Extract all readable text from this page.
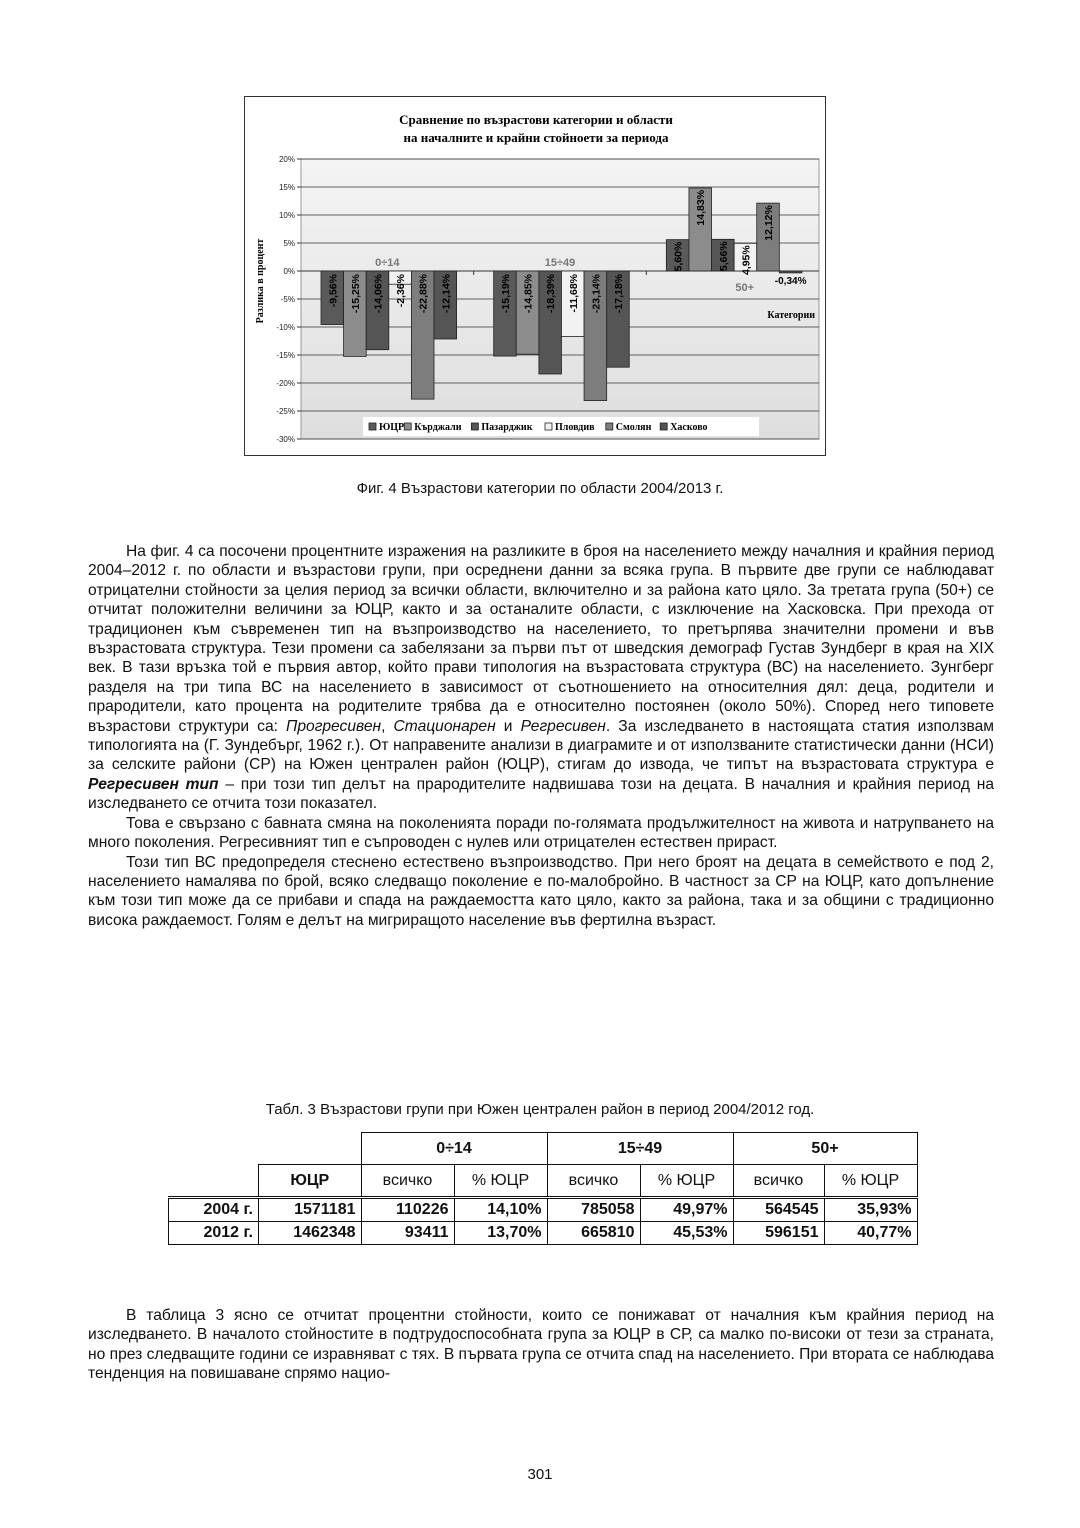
Сравнение по възрастови категории и области
на началните и крайни стойноети за периода
20%
15%
10%
5%
0%
-5%
-10%
-15%
-20%
-25%
-30%
Разлика в процент	0÷14	15÷49
50+
Категории
-9,56%	-15,19%
5,60%
-15,25%	-14,85%
14,83%
-14,06%	-18,39%
5,66%
-2,36%	-11,68%
4,95%
-22,88%	-23,14%
12,12%
-12,14%	-17,18%	-0,34%
ЮЦР Кърджали Пазарджик Пловдив Смолян Хасково
Фиг. 4 Възрастови категории по области 2004/2013 г.

На фиг. 4 са посочени процентните изражения на разликите в броя на населението между началния и крайния период 2004–2012 г. по области и възрастови групи, при осреднени данни за всяка група. В първите две групи се наблюдават отрицателни стойности за целия период за всички области, включително и за района като цяло. За третата група (50+) се отчитат положителни величини за ЮЦР, както и за останалите области, с изключение на Хасковска. При прехода от традиционен към съвременен тип на възпроизводство на населението, то претърпява значителни промени и във възрастовата структура. Тези промени са забелязани за първи път от шведския демограф Густав Зундберг в края на XIX век. В тази връзка той е първия автор, който прави типология на възрастовата структура (ВС) на населението. Зунгберг разделя на три типа ВС на населението в зависимост от съотношението на относителния дял: деца, родители и прародители, като процента на родителите трябва да е относително постоянен (около 50%). Според него типовете възрастови структури са: Прогресивен, Стационарен и Регресивен. За изследването в настоящата статия използвам типологията на (Г. Зундебърг, 1962 г.). От направените анализи в диаграмите и от използваните статистически данни (НСИ) за селските райони (СР) на Южен централен район (ЮЦР), стигам до извода, че типът на възрастовата структура е Регресивен тип – при този тип делът на прародителите надвишава този на децата. В началния и крайния период на изследването се отчита този показател.

Това е свързано с бавната смяна на поколенията поради по-голямата продължителност на живота и натрупването на много поколения. Регресивният тип е съпроводен с нулев или отрицателен естествен прираст.

Този тип ВС предопределя стеснено естествено възпроизводство. При него броят на децата в семейството е под 2, населението намалява по брой, всяко следващо поколение е по-малобройно. В частност за СР на ЮЦР, като допълнение към този тип може да се прибави и спада на раждаемостта като цяло, както за района, така и за общини с традиционно висока раждаемост. Голям е делът на мигриращото население във фертилна възраст.

Табл. 3 Възрастови групи при Южен централен район в период 2004/2012 год.
		0÷14		15÷49		50+	
	ЮЦР	всичко	% ЮЦР	всичко	% ЮЦР	всичко	% ЮЦР
2004 г.	1571181	110226	14,10%	785058	49,97%	564545	35,93%
2012 г.	1462348	93411	13,70%	665810	45,53%	596151	40,77%

В таблица 3 ясно се отчитат процентни стойности, които се понижават от началния към крайния период на изследването. В началото стойностите в подтрудоспособната група за ЮЦР в СР, са малко по-високи от тези за страната, но през следващите години се изравняват с тях. В първата група се отчита спад на населението. При втората се наблюдава тенденция на повишаване спрямо нацио-

301
